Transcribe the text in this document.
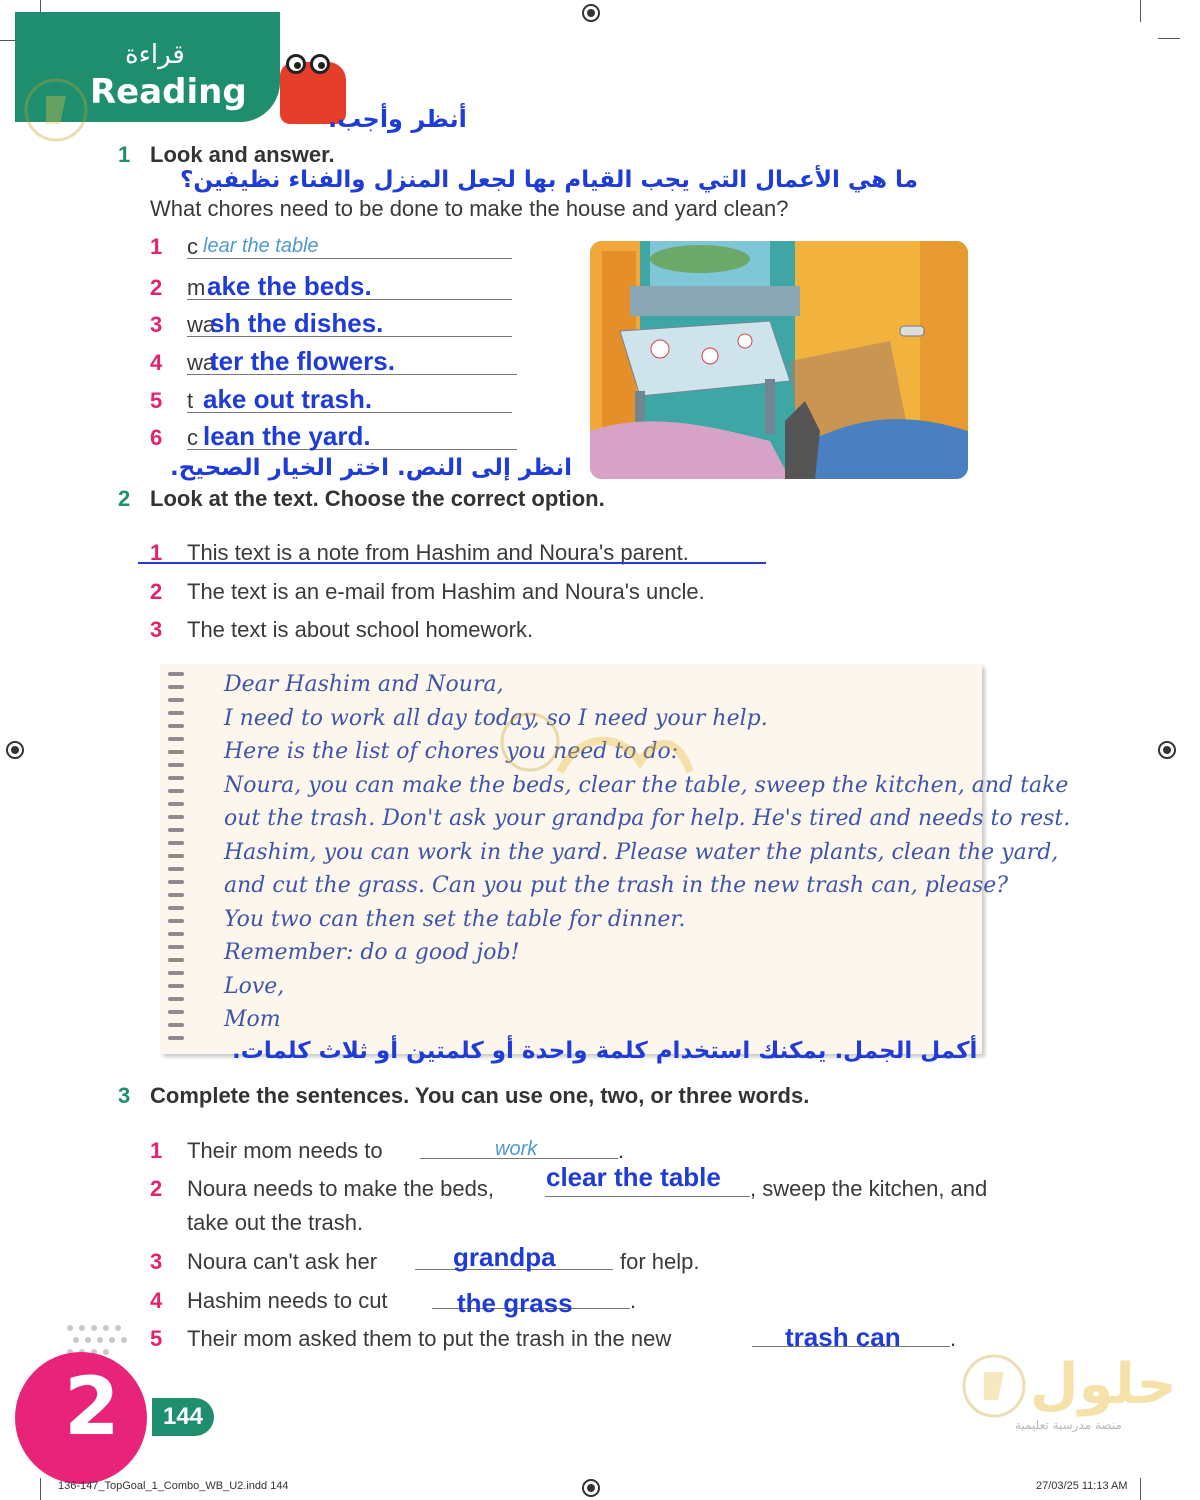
قراءة
Reading
أنظر وأجب.
1 Look and answer.
ما هي الأعمال التي يجب القيام بها لجعل المنزل والفناء نظيفين؟
What chores need to be done to make the house and yard clean?
1 c lear the table
2 m ake the beds.
3 wa
sh the dishes.
4 wa
ter the flowers.
5 t ake out trash.
6 c lean the yard.
انظر إلى النص. اختر الخيار الصحيح.
2 Look at the text. Choose the correct option.
1 This text is a note from Hashim and Noura's parent.
2 The text is an e-mail from Hashim and Noura's uncle.
3 The text is about school homework.
Dear Hashim and Noura,
I need to work all day today, so I need your help.
Here is the list of chores you need to do:
Noura, you can make the beds, clear the table, sweep the kitchen, and take
out the trash. Don't ask your grandpa for help. He's tired and needs to rest.
Hashim, you can work in the yard. Please water the plants, clean the yard,
and cut the grass. Can you put the trash in the new trash can, please?
You two can then set the table for dinner.
Remember: do a good job!
Love,
Mom
أكمل الجمل. يمكنك استخدام كلمة واحدة أو كلمتين أو ثلاث كلمات.
3 Complete the sentences. You can use one, two, or three words.
1 Their mom needs to	work	.
2 Noura needs to make the beds, clear the table , sweep the kitchen, and
take out the trash.
3 Noura can't ask her	grandpa	for help.
4 Hashim needs to cut	the grass	.
5 Their mom asked them to put the trash in the new	trash can .
2	144	حلول
منصة مدرسية تعليمية
136-147_TopGoal_1_Combo_WB_U2.indd 144	27/03/25 11:13 AM
